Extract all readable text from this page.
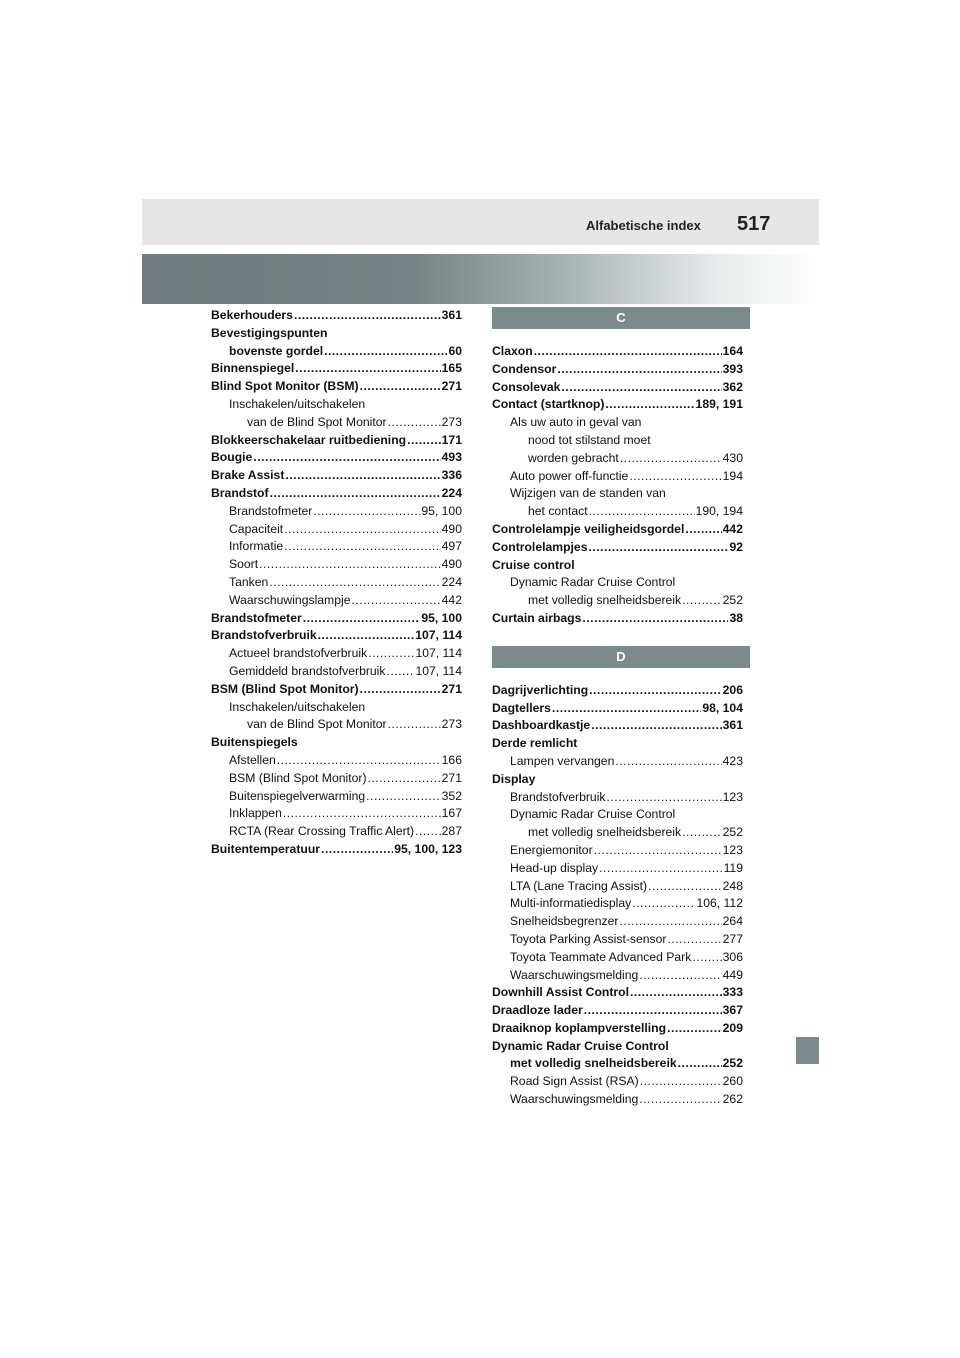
Alfabetische index 517
Bekerhouders .....	361
Bevestigingspunten
bovenste gordel .....	60
Binnenspiegel .....	165
Blind Spot Monitor (BSM) .....	271
Inschakelen/uitschakelen
van de Blind Spot Monitor .....	273
Blokkeerschakelaar ruitbediening .....	171
Bougie .....	493
Brake Assist .....	336
Brandstof .....	224
Brandstofmeter .....	95, 100
Capaciteit .....	490
Informatie .....	497
Soort .....	490
Tanken .....	224
Waarschuwingslampje .....	442
Brandstofmeter .....	95, 100
Brandstofverbruik .....	107, 114
Actueel brandstofverbruik .....	107, 114
Gemiddeld brandstofverbruik ..... 107, 114
BSM (Blind Spot Monitor) .....	271
Inschakelen/uitschakelen
van de Blind Spot Monitor .....	273
Buitenspiegels
Afstellen .....	166
BSM (Blind Spot Monitor) .....	271
Buitenspiegelverwarming .....	352
Inklappen .....	167
RCTA (Rear Crossing Traffic Alert) ..... 287
Buitentemperatuur .....	95, 100, 123
C
Claxon .....	164
Condensor .....	393
Consolevak .....	362
Contact (startknop) .....	189, 191
Als uw auto in geval van
nood tot stilstand moet
worden gebracht .....	430
Auto power off-functie .....	194
Wijzigen van de standen van
het contact .....	190, 194
Controlelampje veiligheidsgordel .....	442
Controlelampjes .....	92
Cruise control
Dynamic Radar Cruise Control
met volledig snelheidsbereik .....	252
Curtain airbags .....	38
D
Dagrijverlichting .....	206
Dagtellers .....	98, 104
Dashboardkastje .....	361
Derde remlicht
Lampen vervangen .....	423
Display
Brandstofverbruik .....	123
Dynamic Radar Cruise Control
met volledig snelheidsbereik .....	252
Energiemonitor .....	123
Head-up display .....	119
LTA (Lane Tracing Assist) .....	248
Multi-informatiedisplay .....	106, 112
Snelheidsbegrenzer .....	264
Toyota Parking Assist-sensor .....	277
Toyota Teammate Advanced Park .....	306
Waarschuwingsmelding .....	449
Downhill Assist Control .....	333
Draadloze lader .....	367
Draaiknop koplampverstelling .....	209
Dynamic Radar Cruise Control
met volledig snelheidsbereik .....	252
Road Sign Assist (RSA) .....	260
Waarschuwingsmelding .....	262
